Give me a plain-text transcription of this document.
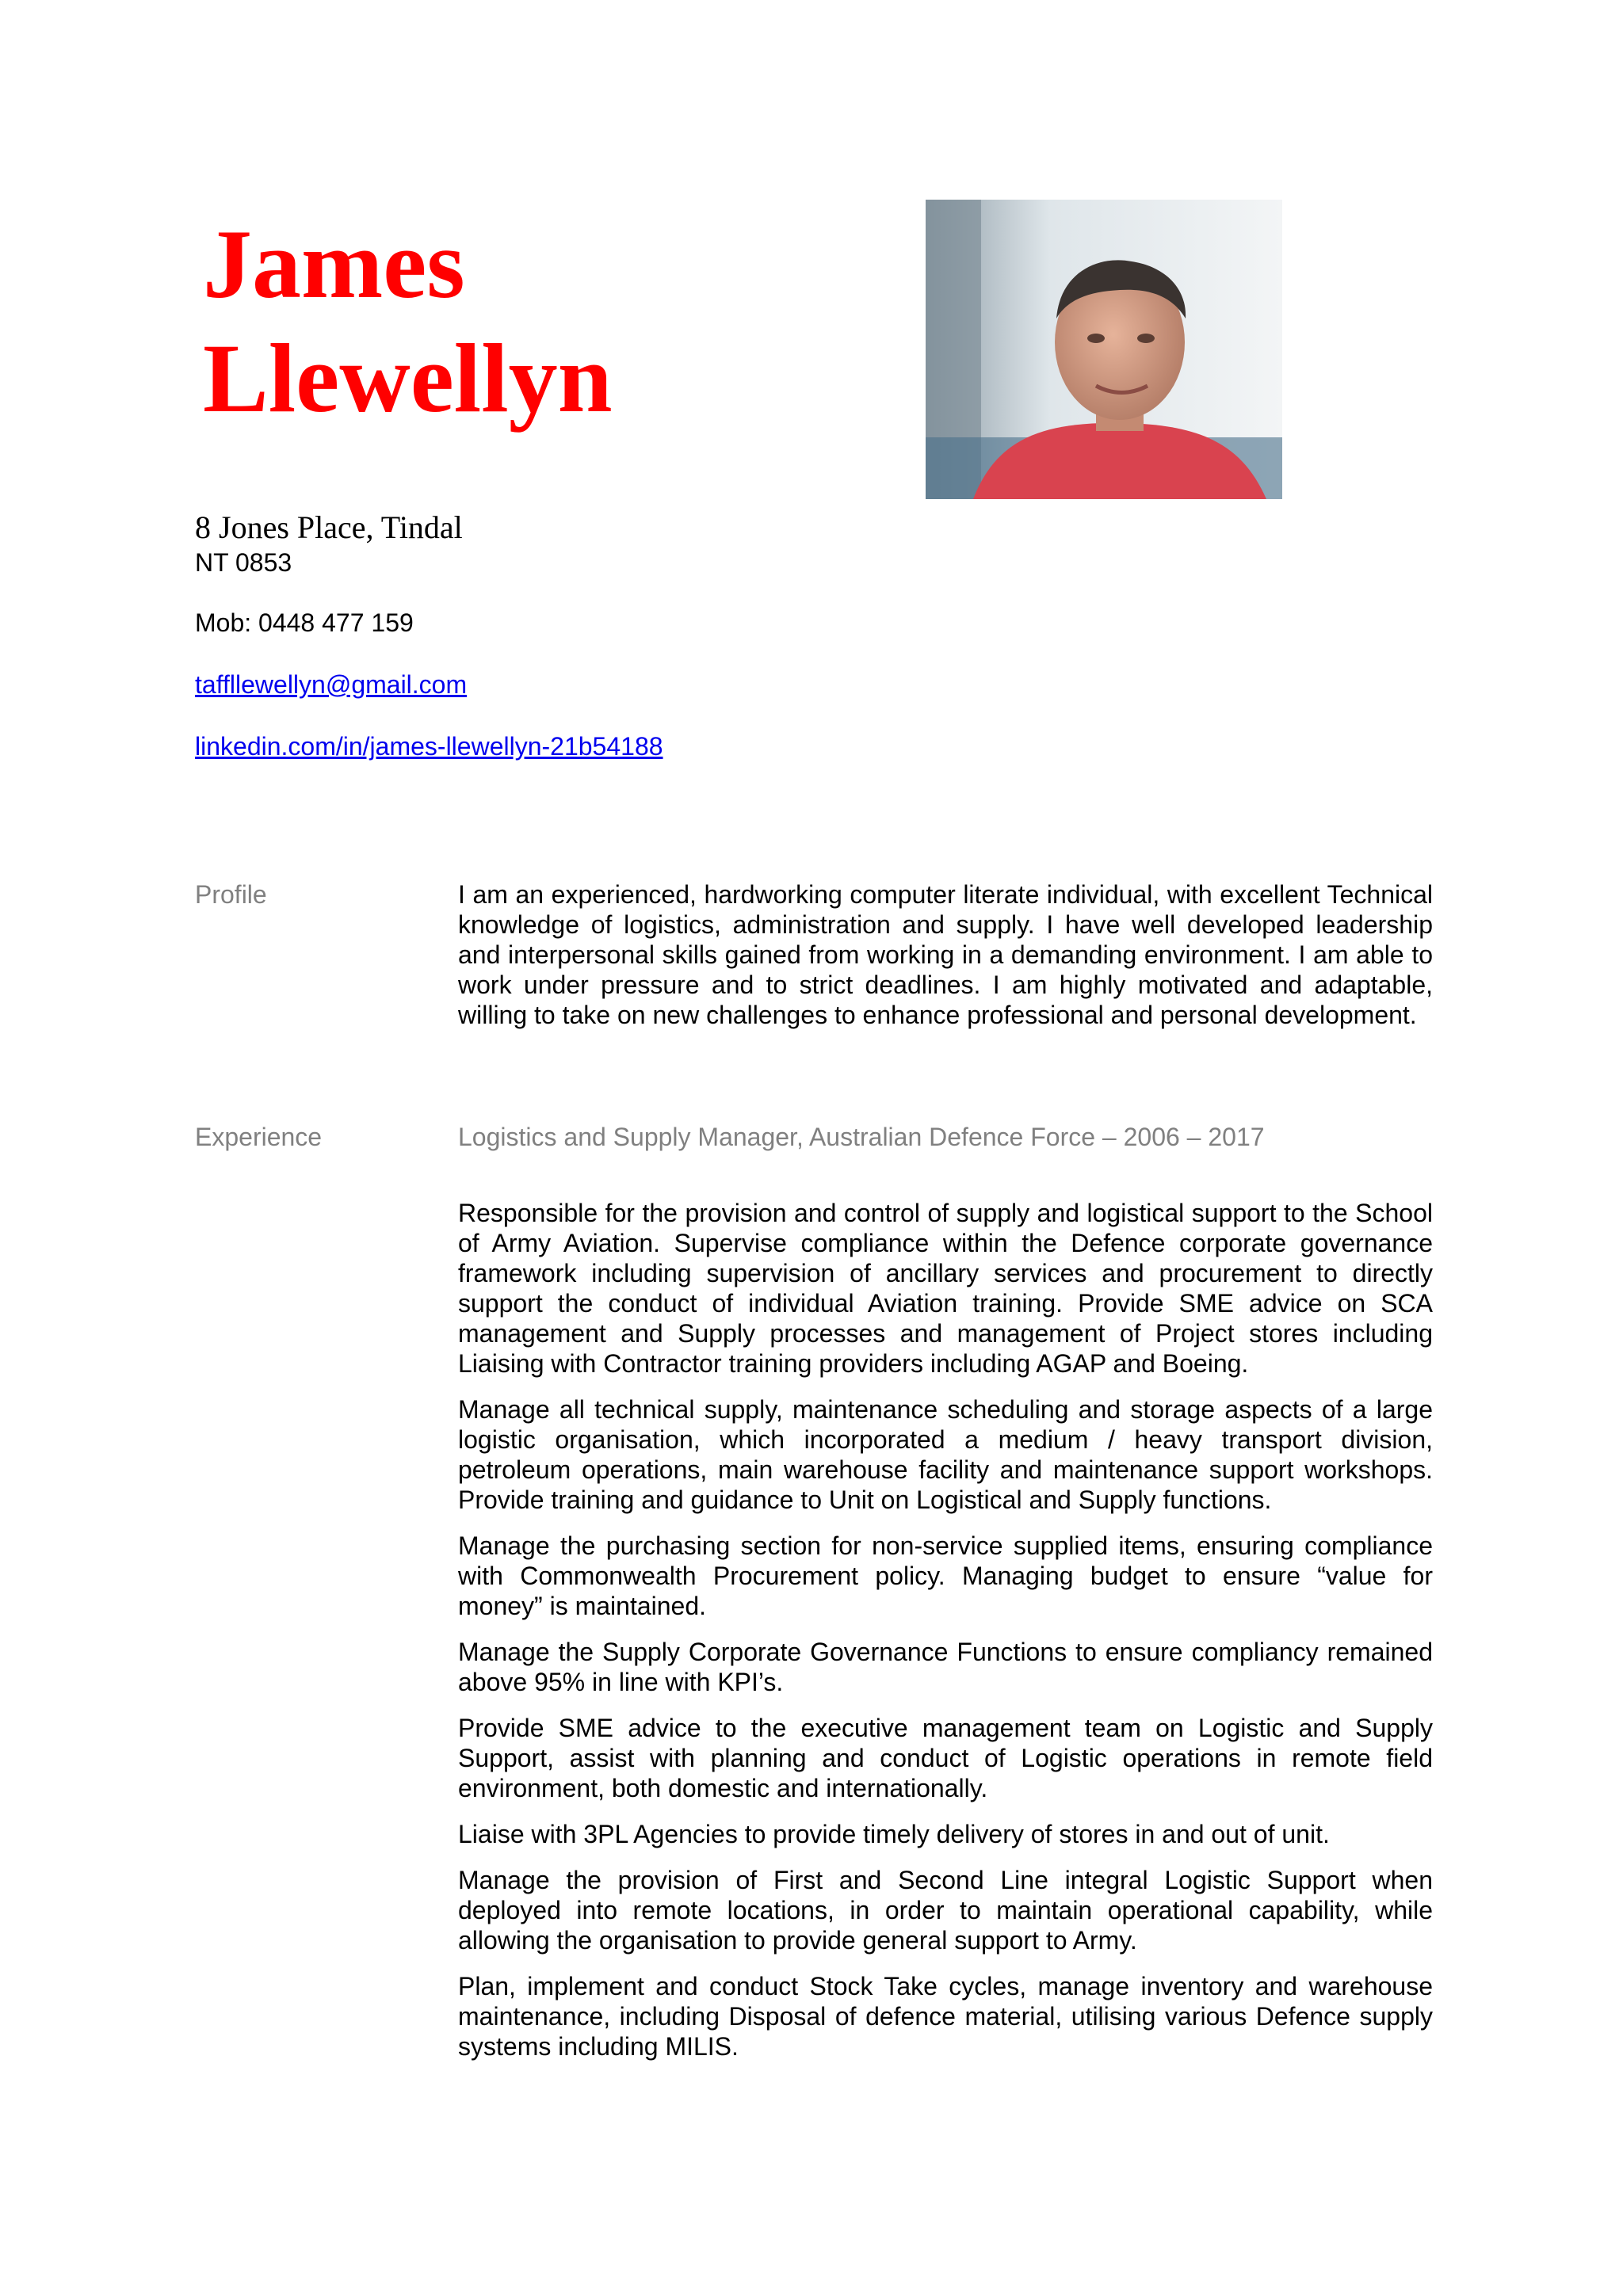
James
Llewellyn

8 Jones Place, Tindal

NT 0853

Mob: 0448 477 159

taffllewellyn@gmail.com
linkedin.com/in/james-llewellyn-21b54188
Profile	I am an experienced, hardworking computer literate individual, with excellent Technical knowledge of logistics, administration and supply. I have well developed leadership and interpersonal skills gained from working in a demanding environment. I am able to work under pressure and to strict deadlines. I am highly motivated and adaptable, willing to take on new challenges to enhance professional and personal development.

Experience	Logistics and Supply Manager, Australian Defence Force – 2006 – 2017

Responsible for the provision and control of supply and logistical support to the School of Army Aviation. Supervise compliance within the Defence corporate governance framework including supervision of ancillary services and procurement to directly support the conduct of individual Aviation training. Provide SME advice on SCA management and Supply processes and management of Project stores including Liaising with Contractor training providers including AGAP and Boeing.

Manage all technical supply, maintenance scheduling and storage aspects of a large logistic organisation, which incorporated a medium / heavy transport division, petroleum operations, main warehouse facility and maintenance support workshops. Provide training and guidance to Unit on Logistical and Supply functions.

Manage the purchasing section for non-service supplied items, ensuring compliance with Commonwealth Procurement policy. Managing budget to ensure “value for money” is maintained.

Manage the Supply Corporate Governance Functions to ensure compliancy remained above 95% in line with KPI’s.

Provide SME advice to the executive management team on Logistic and Supply Support, assist with planning and conduct of Logistic operations in remote field environment, both domestic and internationally.

Liaise with 3PL Agencies to provide timely delivery of stores in and out of unit.

Manage the provision of First and Second Line integral Logistic Support when deployed into remote locations, in order to maintain operational capability, while allowing the organisation to provide general support to Army.

Plan, implement and conduct Stock Take cycles, manage inventory and warehouse maintenance, including Disposal of defence material, utilising various Defence supply systems including MILIS.
